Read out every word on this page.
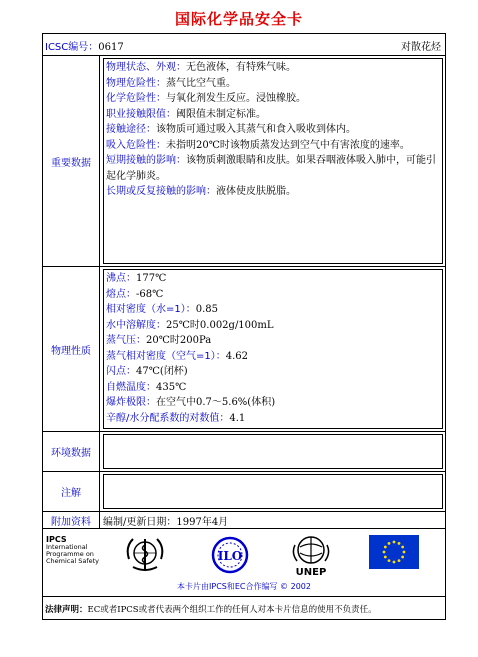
国际化学品安全卡
ICSC编号：0617	对散花烃
重要数据
物理状态、外观：无色液体，有特殊气味。
物理危险性：蒸气比空气重。
化学危险性：与氧化剂发生反应。浸蚀橡胶。
职业接触限值：阈限值未制定标准。
接触途径：该物质可通过吸入其蒸气和食入吸收到体内。
吸入危险性：未指明20℃时该物质蒸发达到空气中有害浓度的速率。
短期接触的影响：该物质刺激眼睛和皮肤。如果吞咽液体吸入肺中，可能引起化学肺炎。
长期或反复接触的影响：液体使皮肤脱脂。
物理性质
沸点：177℃
熔点：-68℃
相对密度（水=1）：0.85
水中溶解度：25℃时0.002g/100mL
蒸气压：20℃时200Pa
蒸气相对密度（空气=1）：4.62
闪点：47℃(闭杯)
自燃温度：435℃
爆炸极限：在空气中0.7～5.6%(体积)
辛醇/水分配系数的对数值：4.1
环境数据
注解
附加资料	编制/更新日期：1997年4月
IPCS
International
Programme on
Chemical Safety	ILO
UNEP
本卡片由IPCS和EC合作编写 © 2002
法律声明：EC或者IPCS或者代表两个组织工作的任何人对本卡片信息的使用不负责任。
